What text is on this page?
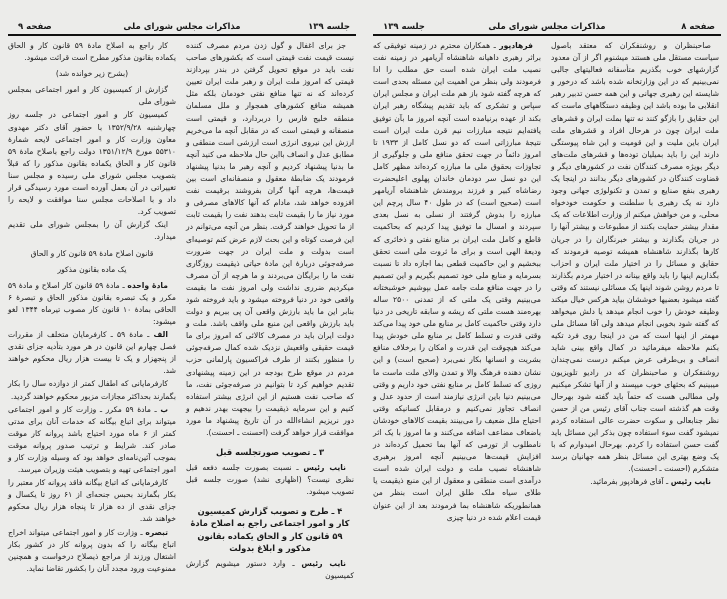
جلسه ۱۳۹
مذاکرات مجلس شورای ملی
صفحه ۹

جز برای اغفال و گول زدن مردم مصرف کننده نیست قیمت نفت قیمتی است که بکشورهای صاحب نفت باید در موقع تحویل گرفتن در بندر بپردازند قیمتی که امروز ملت ایران و رهبر ملت ایران تعیین کرده‌اند که نه تنها منافع نفتی خودمان بلکه مثل همیشه منافع کشورهای همجوار و ملل مسلمان منطقه خلیج فارس را دربردارد، و قیمتی است منصفانه و قیمتی است که در مقابل آنچه ما می‌خریم ارزش این نیروی انرژی است ارزشی است منطقی و مطابق عدل و انصاف بااین حال ملاحظه می کنید آنچه ما بدنیا پیشنهاد کردیم و آنچه رهبر ما بدنیا پیشنهاد فرمودند یک ضابطهٔ معقول و منصفانه‌ای است بین قیمت‌ها، هرچه آنها گران بفروشند برقیمت نفت افزوده خواهد شد، مادام که آنها کالاهای مصرفی و مورد نیاز ما را بقیمت ثابت بدهند نفت را بقیمت ثابت از ما تحویل خواهند گرفت. بنظر من آنچه می‌توانم در این فرصت کوتاه و این بحث لازم عرض کنم توصیه‌ای است بدولت و ملت ایران در جهت ضرورت صرفه‌جوئی دربارهٔ این مادهٔ حیاتی ذیقیمت روزگاری نفت ما را برایگان می‌بردند و ما هرچه از آن مصرف میکردیم ضرری نداشت ولی امروز نفت ما بقیمت واقعی خود در دنیا فروخته میشود و باید فروخته شود بنابر این ما باید بارزش واقعی آن پی ببریم و دولت باید بارزش واقعی این منبع ملی واقف باشد. ملت و دولت ایران باید در مصرف کالائی که امروز برای ما قیمت حقیقی واقعیش نزدیک شده کمال صرفه‌جوئی را منظور بکنند از طرف فراکسیون پارلمانی حزب مردم در موقع طرح بودجه در این زمینه پیشنهادی تقدیم خواهیم کرد تا بتوانیم در صرفه‌جوئی نفت، ما که صاحب نفت هستیم از این انرژی بیشتر استفاده کنیم و این سرمایه ذیقیمت را بیجهت بهدر ندهیم و دور نریزیم انشاءالله در آن تاریخ پیشنهاد ما مورد موافقت قرار خواهد گرفت (احسنت ـ احسنت).

۳ ـ تصویب صورتجلسه قبل

نایب رئیس ـ نسبت بصورت جلسه دفعه قبل نظری نیست؟ (اظهاری نشد) صورت جلسه قبل تصویب میشود.

۴ ـ طرح و تصویب گزارش کمیسیون کار و امور اجتماعی راجع به اصلاح مادهٔ ۵۹ قانون کار و الحاق یکماده بقانون مذکور و ابلاغ بدولت

نایب رئیس ـ وارد دستور میشویم گزارش کمیسیون

کار راجع به اصلاح مادهٔ ۵۹ قانون کار و الحاق یکماده بقانون مذکور مطرح است قرائت میشود.

(بشرح زیر خوانده شد)

گزارش از کمیسیون کار و امور اجتماعی بمجلس شورای ملی

کمیسیون کار و امور اجتماعی در جلسه روز چهارشنبه ۱۳۵۲/۹/۲۸ با حضور آقای دکتر مهدوی معاون وزارت کار و امور اجتماعی لایحه شمارهٔ ۵۵۳۱۰ مورخ ۱۳۵۱/۱۲/۹ دولت راجع باصلاح مادهٔ ۵۹ قانون کار و الحاق یکماده بقانون مذکور را که قبلاً بتصویب مجلس شورای ملی رسیده و مجلس سنا تغییراتی در آن بعمل آورده است مورد رسیدگی قرار داد و با اصلاحات مجلس سنا موافقت و لایحه را تصویب کرد.

اینک گزارش آن را بمجلس شورای ملی تقدیم میدارد.

قانون اصلاح مادهٔ ۵۹ قانون کار و الحاق

یک ماده بقانون مذکور

مادهٔ واحده ـ مادهٔ ۵۹ قانون کار اصلاح و مادهٔ ۵۹ مکرر و یک تبصره بقانون مذکور الحاق و تبصرهٔ ۶ الحاقی بمادهٔ ۱۰ قانون کار مصوب تیرماه ۱۳۴۴ لغو میشود:

الف ـ مادهٔ ۵۹ ـ کارفرمایان متخلف از مقررات فصل چهارم این قانون در هر مورد بتأدیه جزای نقدی از پنجهزار و یک تا بیست هزار ریال محکوم خواهند شد.

کارفرمایانی که اطفال کمتر از دوازده سال را بکار بگمارند بحداکثر مجازات مزبور محکوم خواهند گردید.

ب ـ مادهٔ ۵۹ مکرر ـ وزارت کار و امور اجتماعی میتواند برای اتباع بیگانه که خدمات آنان برای مدتی کمتر از ۶ ماه مورد احتیاج باشد پروانه کار موقت صادر کند. شرایط و ترتیب صدور پروانه موقت بموجب آئین‌نامه‌ای خواهد بود که وسیله وزارت کار و امور اجتماعی تهیه و بتصویب هیئت وزیران میرسد.

کارفرمایانی که اتباع بیگانه فاقد پروانه کار معتبر را بکار بگمارند بحبس جنحه‌ای از ۶۱ روز تا یکسال و جزای نقدی از ده هزار تا پنجاه هزار ریال محکوم خواهند شد.

تبصره ـ وزارت کار و امور اجتماعی میتواند اخراج اتباع بیگانه را که بدون پروانه کار در کشور بکار اشتغال ورزند از مراجع ذیصلاح درخواست و همچنین ممنوعیت ورود مجدد آنان را بکشور تقاضا نماید.

صفحه ۸
مذاکرات مجلس شورای ملی
جلسه ۱۳۹

صاحبنظران و روشنفکران که معتقد باصول سیاست مستقل ملی هستند میشنوم اگر از آن معدود گزارشهای خوب بگذریم متأسفانه فعالیتهای جالبی نمی‌بینیم که در این وزارتخانه شده باشد که درخور و شایسته این رهبری جهانی و این همه حسن تدبیر رهبر انقلابی ما بوده باشد این وظیفه دستگاههای ماست که این حقایق را بازگو کنند نه تنها بملت ایران و قشرهای ملت ایران چون در هرحال افراد و قشرهای ملت ایران باین ملیت و این قومیت و این شاه پیوستگی دارند این را باید بمیلیان توده‌ها و قشرهای ملت‌های دیگر بویژه مصرف کنندگان نفت در کشورهای دیگر و قضاوت کنندگان در کشورهای دیگر بدانند در اینجا یک رهبری بنفع صنایع و تمدن و تکنولوژی جهانی وجود دارد نه یک رهبری با سلطنت و حکومت خودخواه محلی، و من خواهش میکنم از وزارت اطلاعات که یک مقدار بیشتر حمایت بکنند از مطبوعات و بیشتر آنها را در جریان بگذارند و بیشتر خبرنگاران را در جریان کارها بگذارند شاهنشاه همیشه توصیه فرمودند که حقایق و مسائل را در اختیار ملت ایران و احزاب بگذاریم اینها را باید واقع بینانه در اختیار مردم بگذارند تا مردم روشن شوند اینها یک مسائلی نیستند که وقتی گفته میشود بعضیها خوششان بیاید هرکس خیال میکند وظیفه خودش را خوب انجام میدهد یا دلش میخواهد که گفته شود بخوبی انجام میدهد ولی آقا مسائل ملی مهمتر از اینها است که من در اینجا روی فرد تکیه بکنم ملاحظه میفرمائید در کمال واقع بینی شاید انصاف و بی‌طرفی عرض میکنم درست نمی‌چندان روشنفکران و صاحبنظران که در رادیو تلویزیون میبینیم که بحثهای خوب میپسند و از آنها تشکر میکنیم ولی مطالبی هست که حتماً باید گفته شود بهرحال وقت هم گذشته است جناب آقای رئیس من از حسن نظر جنابعالی و سکوت حضرت عالی استفاده کردم نمیشود گفت سوء استفاده چون بذکر این مسائل باید گفت حسن استفاده را کردم. بهرحال امیدوارم که با یک وضع بهتری این مسائل بنظر همه جهانیان برسد متشکرم (احسنت ـ احسنت).

نایب رئیس ـ آقای فرهادپور بفرمائید.

فرهادپور ـ همکاران محترم در زمینه توفیقی که براثر رهبری داهیانه شاهنشاه آریامهر در زمینه نفت نصیب ملت ایران شده است حق مطلب را ادا فرمودند ولی بنظر من اهمیت این مسئله بحدی است که هرچه گفته شود باز هم ملت ایران و مجلس ایران سپاس و تشکری که باید تقدیم پیشگاه رهبر ایران بکند از عهده برنیامده است آنچه امروز ما بآن توفیق یافته‌ایم نتیجه مبارزات نیم قرن ملت ایران است نتیجهٔ مبارزاتی است که دو نسل کامل از ۱۹۳۳ تا امروز دائماً در جهت تحقق منافع ملی و جلوگیری از تجاوزات بحقوق ملی ما مبارزه کرده‌اند مظهر کامل این دو نسل سر دودمان خاندان پهلوی اعلیحضرت رضاشاه کبیر و فرزند برومندش شاهنشاه آریامهر است (صحیح است) که در طول ۴۰ سال پرچم این مبارزه را بدوش گرفتند از نسلی به نسل بعدی سپردند و امسال ما توفیق پیدا کردیم که بحاکمیت قاطع و کامل ملت ایران بر منابع نفتی و ذخائری که ودیعهٔ الهی است و برای ما ثروت ملی است تحقق ببخشیم و این حاکمیت قطعی بما اجازه داد تا نسبت بسرمایه و منابع ملی خود تصمیم بگیریم و این تصمیم را در جهت منافع ملت جامه عمل بپوشیم خوشبختانه می‌بینیم وقتی یک ملتی که از تمدنی ۲۵۰۰ ساله بهره‌مند هست ملتی که ریشه و سابقه تاریخی در دنیا دارد وقتی حاکمیت کامل بر منابع ملی خود پیدا می‌کند وقتی قدرت و تسلط کامل بر منابع ملی خودش پیدا می‌کند هیچوقت این قدرت و امکان را برخلاف منافع بشریت و انسانها بکار نمی‌برد (صحیح است) و این نشان دهنده فرهنگ والا و تمدن والای ملت ماست ما روزی که تسلط کامل بر منابع نفتی خود داریم و وقتی می‌بینیم دنیا باین انرژی نیازمند است از حدود عدل و انصاف تجاوز نمی‌کنیم و درمقابل کسانیکه وقتی احتیاج ملل ضعیف را می‌بینند بقیمت کالاهای خودشان باضعاف مضاعف اضافه می‌کنند و ما امروز با یک اثر نامطلوب از تورمی که آنها بما تحمیل کرده‌اند در افزایش قیمت‌ها می‌بینیم آنچه امروز برهبری شاهنشاه نصیب ملت و دولت ایران شده است درآمدی است منطقی و معقول از این منبع ذیقیمت یا طلای سیاه ملک طلق ایران است بنظر من همانطوریکه شاهنشاه بما فرمودند بعد از این عنوان قیمت اعلام شده در دنیا چیزی
